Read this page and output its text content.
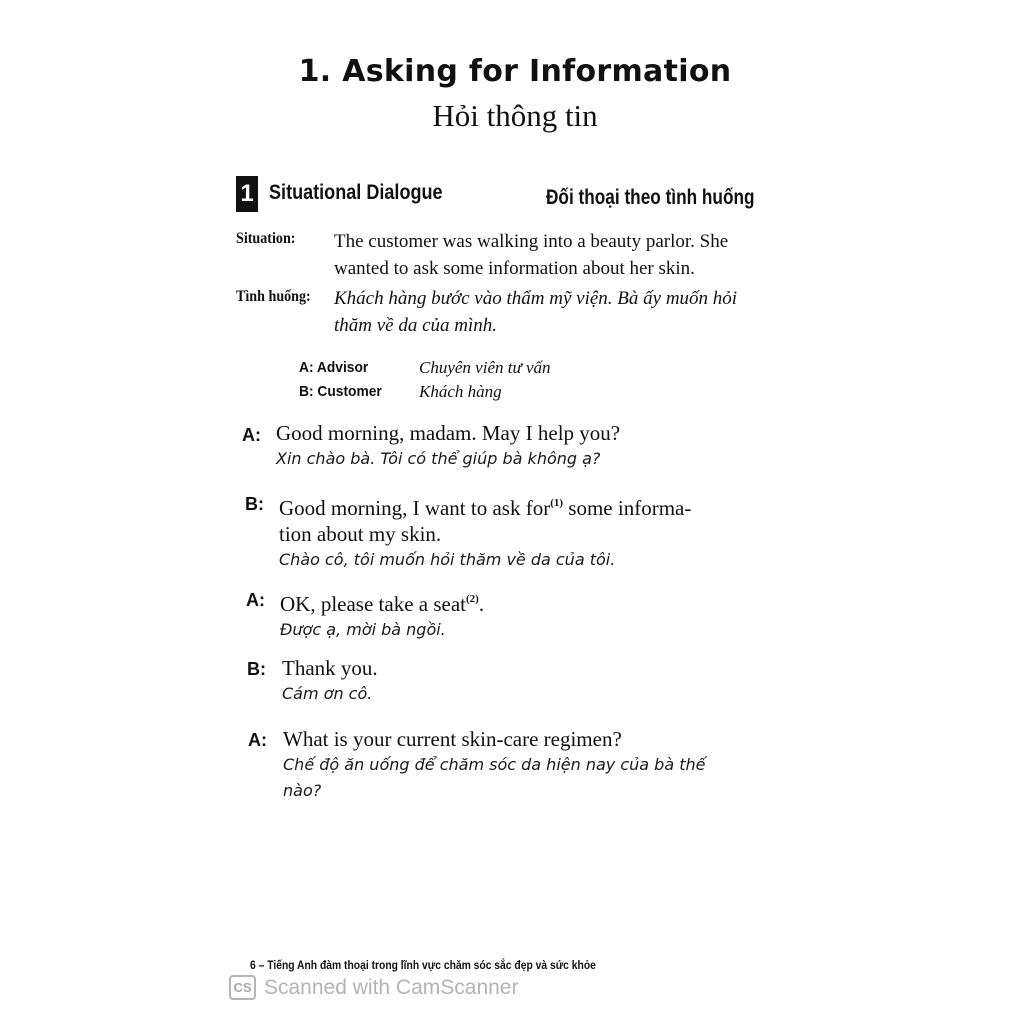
1. Asking for Information
Hỏi thông tin
1 Situational Dialogue	Đối thoại theo tình huống
Situation: The customer was walking into a beauty parlor. She
wanted to ask some information about her skin.
Tình huống: Khách hàng bước vào thẩm mỹ viện. Bà ấy muốn hỏi
thăm về da của mình.
A: Advisor	Chuyên viên tư vấn
B: Customer Khách hàng
A: Good morning, madam. May I help you?
Xin chào bà. Tôi có thể giúp bà không ạ?
B: Good morning, I want to ask for$^{(1)}$ some informa-
tion about my skin.
Chào cô, tôi muốn hỏi thăm về da của tôi.
A: OK, please take a seat$^{(2)}$.
Được ạ, mời bà ngồi.
B: Thank you.
Cám ơn cô.
A: What is your current skin-care regimen?
Chế độ ăn uống để chăm sóc da hiện nay của bà thế
nào?
6 – Tiếng Anh đàm thoại trong lĩnh vực chăm sóc sắc đẹp và sức khỏe
CS Scanned with CamScanner
